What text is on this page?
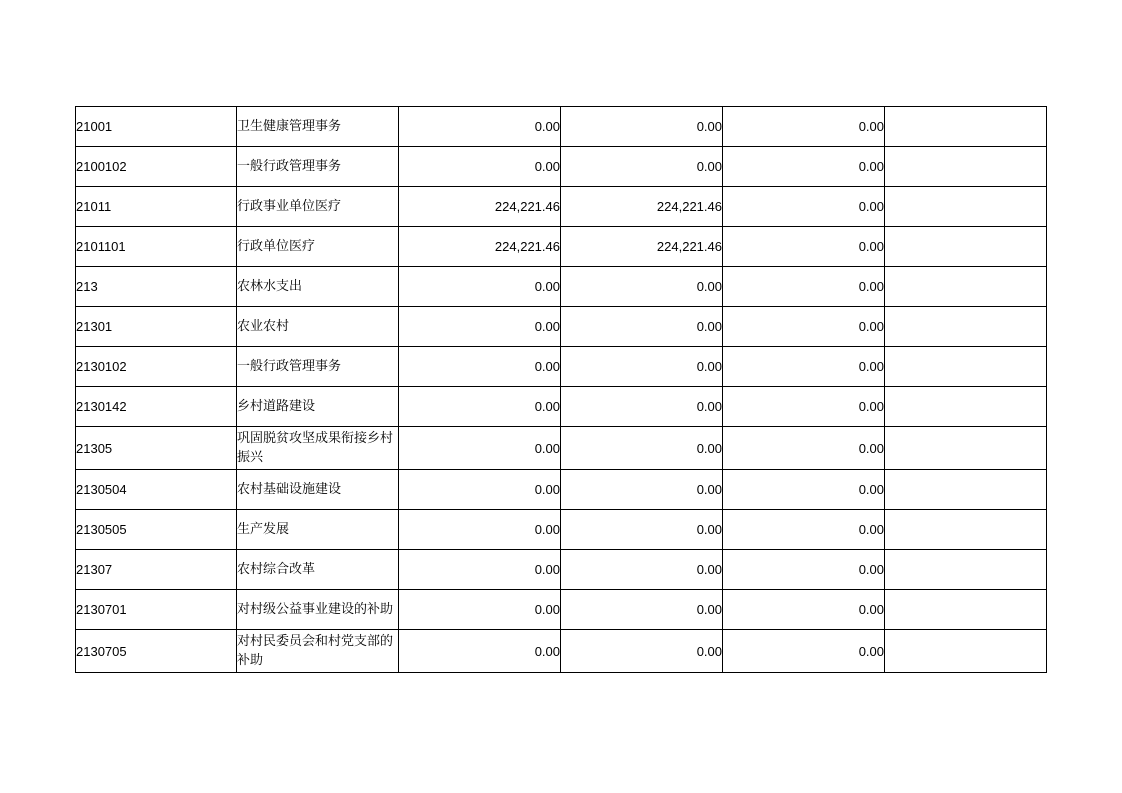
21001	卫生健康管理事务	0.00	0.00	0.00	
2100102	一般行政管理事务	0.00	0.00	0.00	
21011	行政事业单位医疗	224,221.46	224,221.46	0.00	
2101101	行政单位医疗	224,221.46	224,221.46	0.00	
213	农林水支出	0.00	0.00	0.00	
21301	农业农村	0.00	0.00	0.00	
2130102	一般行政管理事务	0.00	0.00	0.00	
2130142	乡村道路建设	0.00	0.00	0.00	
21305	巩固脱贫攻坚成果衔接乡村振兴	0.00	0.00	0.00	
2130504	农村基础设施建设	0.00	0.00	0.00	
2130505	生产发展	0.00	0.00	0.00	
21307	农村综合改革	0.00	0.00	0.00	
2130701	对村级公益事业建设的补助	0.00	0.00	0.00	
2130705	对村民委员会和村党支部的补助	0.00	0.00	0.00	
